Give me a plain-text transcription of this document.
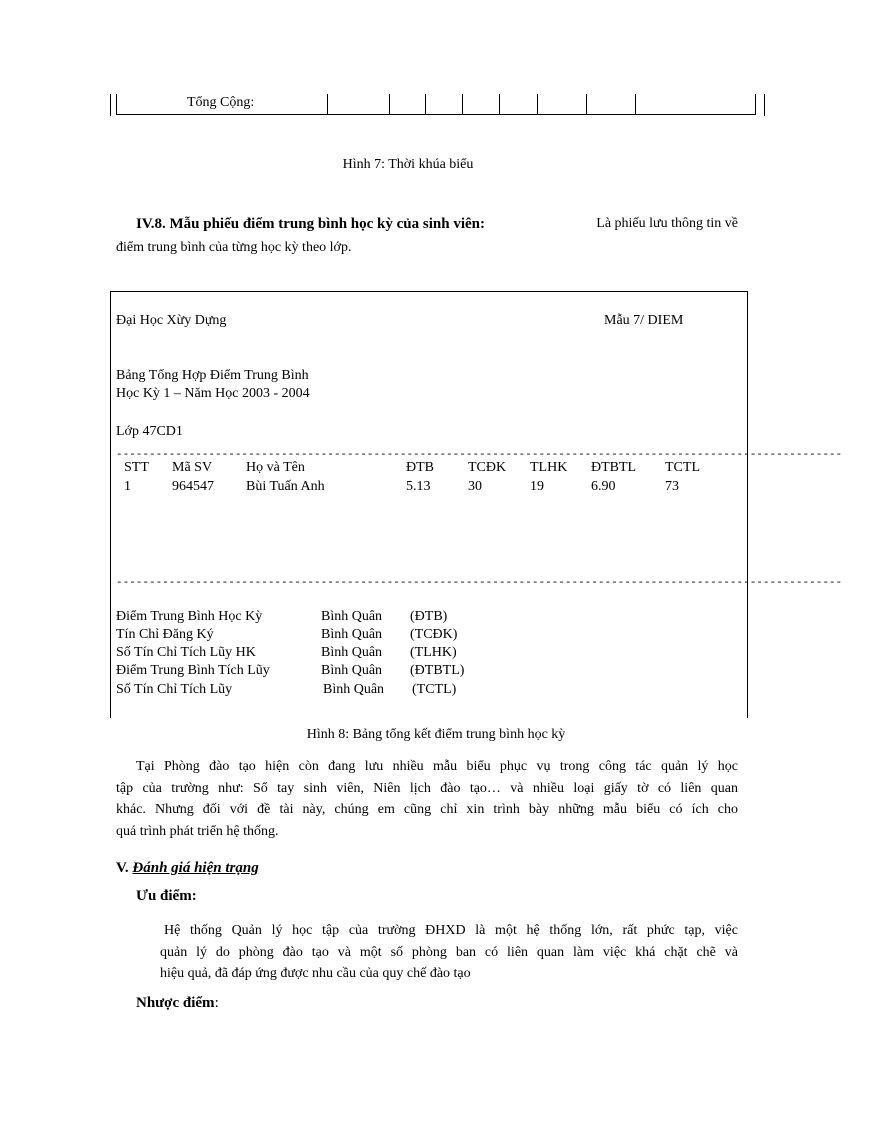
Tổng Cộng:
Hình 7: Thời khúa biểu
IV.8. Mẫu phiếu điểm trung bình học kỳ của sinh viên:	Là phiếu lưu thông tin về
điểm trung bình của từng học kỳ theo lớp.
Đại Học Xừy Dựng	Mẫu 7/ DIEM
Bảng Tổng Hợp Điểm Trung Bình
Học Kỳ 1 – Năm Học 2003 - 2004
Lớp 47CD1
--------------------------------------------------------------------------------------------------------------
STT Mã SV Họ và Tên	ĐTB TCĐK TLHK ĐTBTL TCTL
1	964547 Bùi Tuấn Anh	5.13	30	19	6.90	73
--------------------------------------------------------------------------------------------------------------
Điểm Trung Bình Học Kỳ	Bình Quân (ĐTB)
Tín Chỉ Đăng Ký	Bình Quân (TCĐK)
Số Tín Chỉ Tích Lũy HK	Bình Quân (TLHK)
Điểm Trung Bình Tích Lũy	Bình Quân (ĐTBTL)
Số Tín Chỉ Tích Lũy	Bình Quân (TCTL)
Hình 8: Bảng tổng kết điểm trung bình học kỳ
Tại Phòng đào tạo hiện còn đang lưu nhiều mẫu biểu phục vụ trong công tác quản lý học
tập của trường như: Sổ tay sinh viên, Niên lịch đào tạo… và nhiều loại giấy tờ có liên quan
khác. Nhưng đối với đề tài này, chúng em cũng chỉ xin trình bày những mẫu biểu có ích cho
quá trình phát triển hệ thống.
V. Đánh giá hiện trạng
Ưu điểm:
Hệ thống Quản lý học tập của trường ĐHXD là một hệ thống lớn, rất phức tạp, việc
quản lý do phòng đào tạo và một số phòng ban có liên quan làm việc khá chặt chẽ và
hiệu quả, đã đáp ứng được nhu cầu của quy chế đào tạo
Nhược điểm:
